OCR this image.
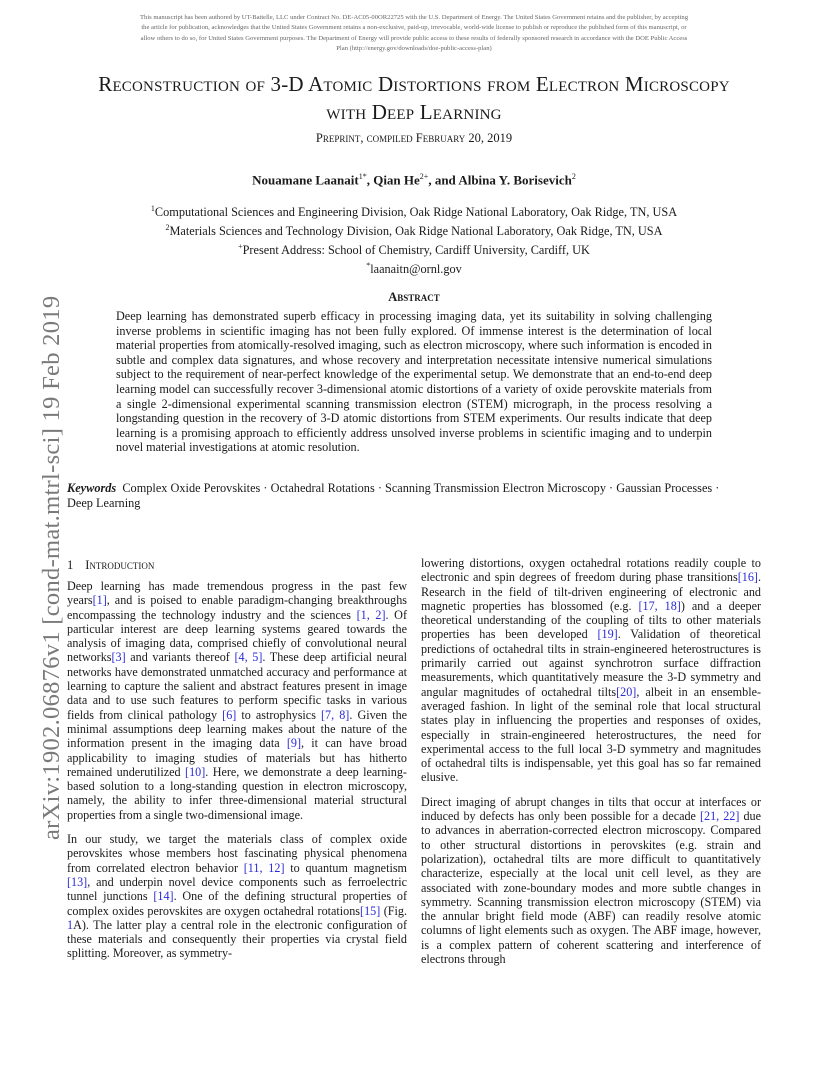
This manuscript has been authored by UT-Battelle, LLC under Contract No. DE-AC05-00OR22725 with the U.S. Department of Energy. The United States Government retains and the publisher, by accepting the article for publication, acknowledges that the United States Government retains a non-exclusive, paid-up, irrevocable, world-wide license to publish or reproduce the published form of this manuscript, or allow others to do so, for United States Government purposes. The Department of Energy will provide public access to these results of federally sponsored research in accordance with the DOE Public Access Plan (http://energy.gov/downloads/doe-public-access-plan)
arXiv:1902.06876v1 [cond-mat.mtrl-sci] 19 Feb 2019
Reconstruction of 3-D Atomic Distortions from Electron Microscopy
with Deep Learning
Preprint, compiled February 20, 2019
Nouamane Laanait$^{1*}$, Qian $He^{2+}$, and Albina Y. Borisevich$^2$
$^1$Computational Sciences and Engineering Division, Oak Ridge National Laboratory, Oak Ridge, TN, USA
$^2$Materials Sciences and Technology Division, Oak Ridge National Laboratory, Oak Ridge, TN, USA
+Present Address: School of Chemistry, Cardiff University, Cardiff, UK
*laanaitn@ornl.gov
Abstract
Deep learning has demonstrated superb efficacy in processing imaging data, yet its suitability in solving challenging inverse problems in scientific imaging has not been fully explored. Of immense interest is the determination of local material properties from atomically-resolved imaging, such as electron microscopy, where such information is encoded in subtle and complex data signatures, and whose recovery and interpretation necessitate intensive numerical simulations subject to the requirement of near-perfect knowledge of the experimental setup. We demonstrate that an end-to-end deep learning model can successfully recover 3-dimensional atomic distortions of a variety of oxide perovskite materials from a single 2-dimensional experimental scanning transmission electron (STEM) micrograph, in the process resolving a longstanding question in the recovery of 3-D atomic distortions from STEM experiments. Our results indicate that deep learning is a promising approach to efficiently address unsolved inverse problems in scientific imaging and to underpin novel material investigations at atomic resolution.
Keywords Complex Oxide Perovskites · Octahedral Rotations · Scanning Transmission Electron Microscopy · Gaussian Processes · Deep Learning
1 Introduction

Deep learning has made tremendous progress in the past few years[1], and is poised to enable paradigm-changing breakthroughs encompassing the technology industry and the sciences [1, 2]. Of particular interest are deep learning systems geared towards the analysis of imaging data, comprised chiefly of convolutional neural networks[3] and variants thereof [4, 5]. These deep artificial neural networks have demonstrated unmatched accuracy and performance at learning to capture the salient and abstract features present in image data and to use such features to perform specific tasks in various fields from clinical pathology [6] to astrophysics [7, 8]. Given the minimal assumptions deep learning makes about the nature of the information present in the imaging data [9], it can have broad applicability to imaging studies of materials but has hitherto remained underutilized [10]. Here, we demonstrate a deep learning-based solution to a long-standing question in electron microscopy, namely, the ability to infer three-dimensional material structural properties from a single two-dimensional image.

In our study, we target the materials class of complex oxide perovskites whose members host fascinating physical phenomena from correlated electron behavior [11, 12] to quantum magnetism [13], and underpin novel device components such as ferroelectric tunnel junctions [14]. One of the defining structural properties of complex oxides perovskites are oxygen octahedral rotations[15] (Fig. 1A). The latter play a central role in the electronic configuration of these materials and consequently their properties via crystal field splitting. Moreover, as symmetry-

lowering distortions, oxygen octahedral rotations readily couple to electronic and spin degrees of freedom during phase transitions[16]. Research in the field of tilt-driven engineering of electronic and magnetic properties has blossomed (e.g. [17, 18]) and a deeper theoretical understanding of the coupling of tilts to other materials properties has been developed [19]. Validation of theoretical predictions of octahedral tilts in strain-engineered heterostructures is primarily carried out against synchrotron surface diffraction measurements, which quantitatively measure the 3-D symmetry and angular magnitudes of octahedral tilts[20], albeit in an ensemble-averaged fashion. In light of the seminal role that local structural states play in influencing the properties and responses of oxides, especially in strain-engineered heterostructures, the need for experimental access to the full local 3-D symmetry and magnitudes of octahedral tilts is indispensable, yet this goal has so far remained elusive.

Direct imaging of abrupt changes in tilts that occur at interfaces or induced by defects has only been possible for a decade [21, 22] due to advances in aberration-corrected electron microscopy. Compared to other structural distortions in perovskites (e.g. strain and polarization), octahedral tilts are more difficult to quantitatively characterize, especially at the local unit cell level, as they are associated with zone-boundary modes and more subtle changes in symmetry. Scanning transmission electron microscopy (STEM) via the annular bright field mode (ABF) can readily resolve atomic columns of light elements such as oxygen. The ABF image, however, is a complex pattern of coherent scattering and interference of electrons through
